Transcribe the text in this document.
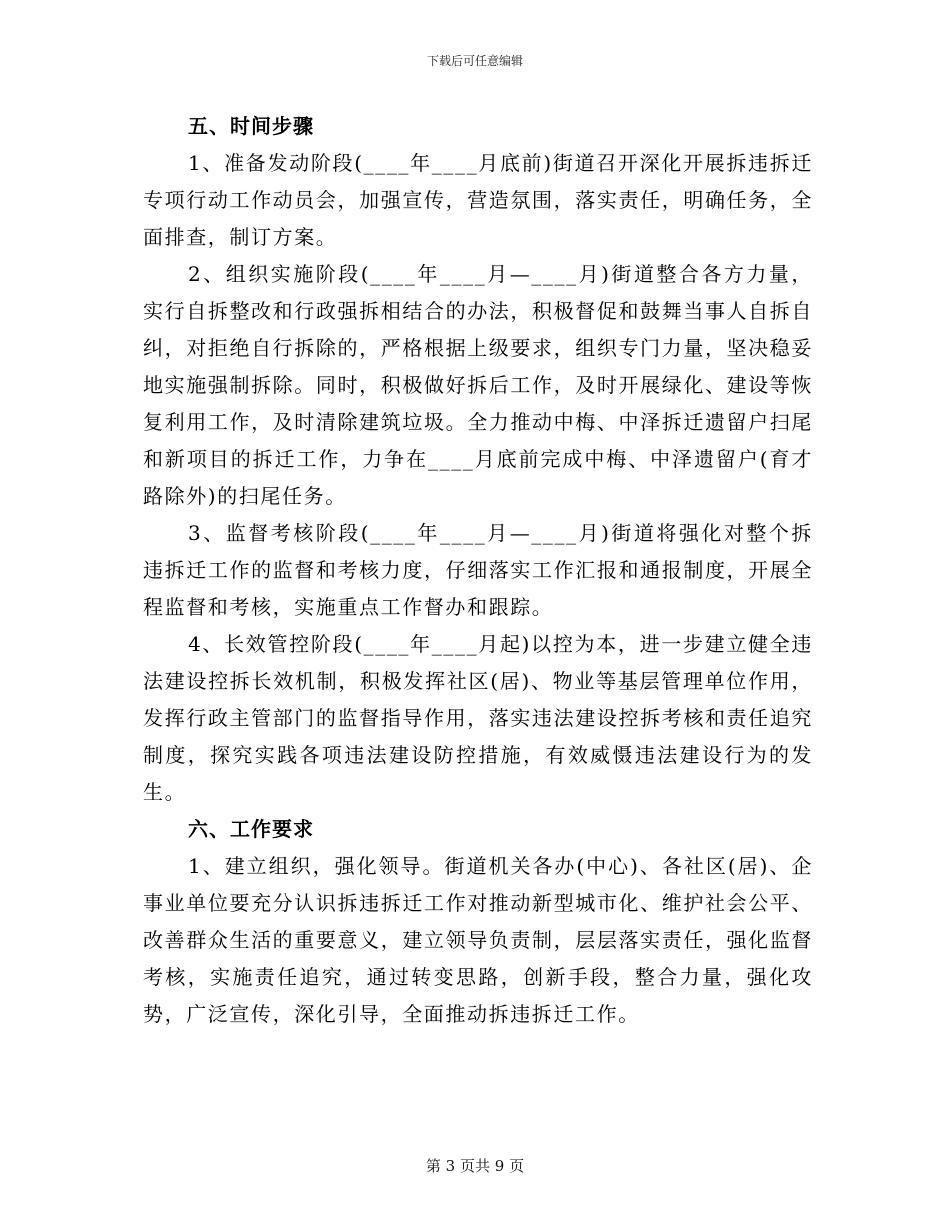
下载后可任意编辑

五、时间步骤

1、准备发动阶段(____年____月底前)街道召开深化开展拆违拆迁专项行动工作动员会，加强宣传，营造氛围，落实责任，明确任务，全面排查，制订方案。

2、组织实施阶段(____年____月—____月)街道整合各方力量，实行自拆整改和行政强拆相结合的办法，积极督促和鼓舞当事人自拆自纠，对拒绝自行拆除的，严格根据上级要求，组织专门力量，坚决稳妥地实施强制拆除。同时，积极做好拆后工作，及时开展绿化、建设等恢复利用工作，及时清除建筑垃圾。全力推动中梅、中泽拆迁遗留户扫尾和新项目的拆迁工作，力争在____月底前完成中梅、中泽遗留户(育才路除外)的扫尾任务。

3、监督考核阶段(____年____月—____月)街道将强化对整个拆违拆迁工作的监督和考核力度，仔细落实工作汇报和通报制度，开展全程监督和考核，实施重点工作督办和跟踪。

4、长效管控阶段(____年____月起)以控为本，进一步建立健全违法建设控拆长效机制，积极发挥社区(居)、物业等基层管理单位作用，发挥行政主管部门的监督指导作用，落实违法建设控拆考核和责任追究制度，探究实践各项违法建设防控措施，有效威慑违法建设行为的发生。

六、工作要求

1、建立组织，强化领导。街道机关各办(中心)、各社区(居)、企事业单位要充分认识拆违拆迁工作对推动新型城市化、维护社会公平、改善群众生活的重要意义，建立领导负责制，层层落实责任，强化监督考核，实施责任追究，通过转变思路，创新手段，整合力量，强化攻势，广泛宣传，深化引导，全面推动拆违拆迁工作。

第 3 页共 9 页
